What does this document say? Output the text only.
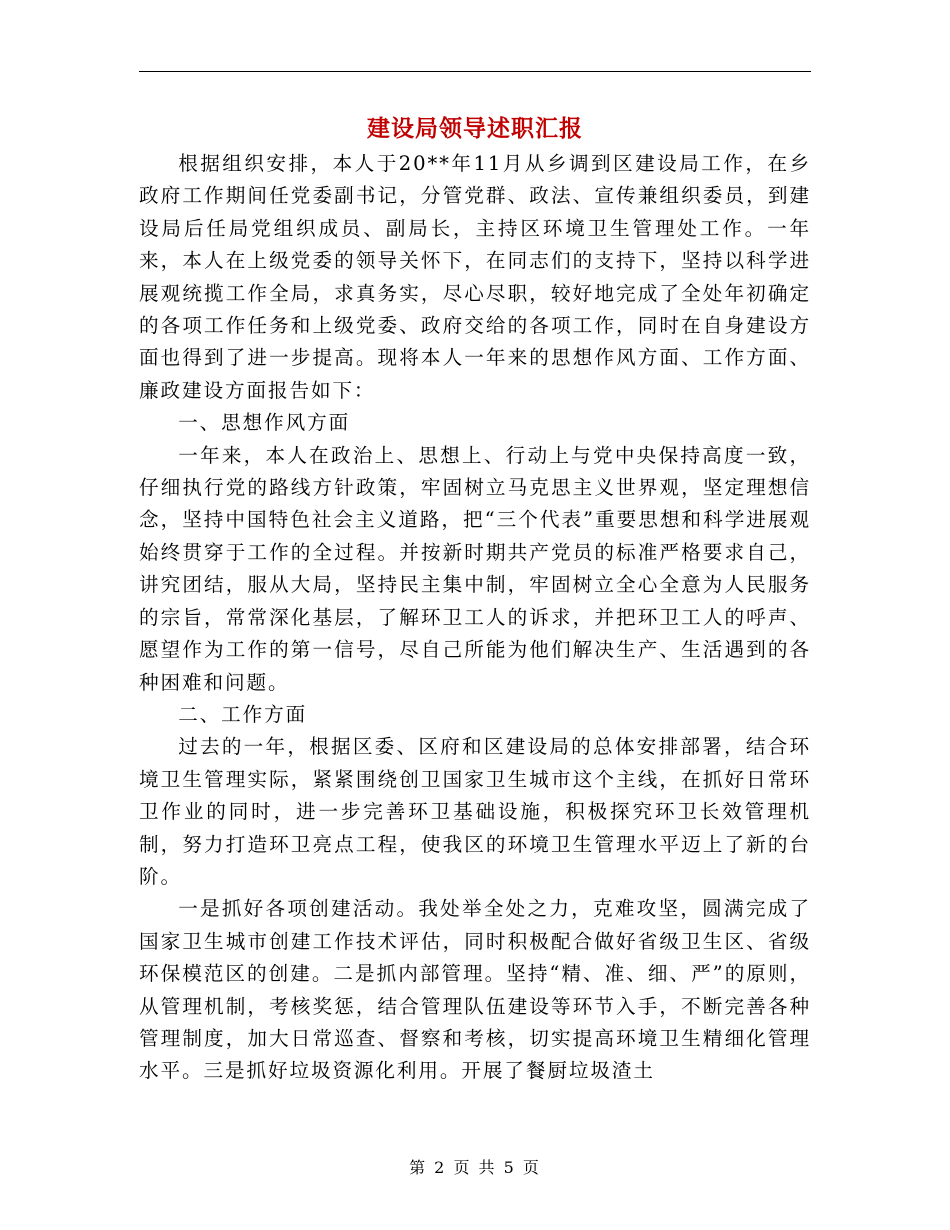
建设局领导述职汇报

根据组织安排，本人于20**年11月从乡调到区建设局工作，在乡政府工作期间任党委副书记，分管党群、政法、宣传兼组织委员，到建设局后任局党组织成员、副局长，主持区环境卫生管理处工作。一年来，本人在上级党委的领导关怀下，在同志们的支持下，坚持以科学进展观统揽工作全局，求真务实，尽心尽职，较好地完成了全处年初确定的各项工作任务和上级党委、政府交给的各项工作，同时在自身建设方面也得到了进一步提高。现将本人一年来的思想作风方面、工作方面、廉政建设方面报告如下：

一、思想作风方面

一年来，本人在政治上、思想上、行动上与党中央保持高度一致，仔细执行党的路线方针政策，牢固树立马克思主义世界观，坚定理想信念，坚持中国特色社会主义道路，把“三个代表”重要思想和科学进展观始终贯穿于工作的全过程。并按新时期共产党员的标准严格要求自己，讲究团结，服从大局，坚持民主集中制，牢固树立全心全意为人民服务的宗旨，常常深化基层，了解环卫工人的诉求，并把环卫工人的呼声、愿望作为工作的第一信号，尽自己所能为他们解决生产、生活遇到的各种困难和问题。

二、工作方面

过去的一年，根据区委、区府和区建设局的总体安排部署，结合环境卫生管理实际，紧紧围绕创卫国家卫生城市这个主线，在抓好日常环卫作业的同时，进一步完善环卫基础设施，积极探究环卫长效管理机制，努力打造环卫亮点工程，使我区的环境卫生管理水平迈上了新的台阶。

一是抓好各项创建活动。我处举全处之力，克难攻坚，圆满完成了国家卫生城市创建工作技术评估，同时积极配合做好省级卫生区、省级环保模范区的创建。二是抓内部管理。坚持“精、准、细、严”的原则，从管理机制，考核奖惩，结合管理队伍建设等环节入手，不断完善各种管理制度，加大日常巡查、督察和考核，切实提高环境卫生精细化管理水平。三是抓好垃圾资源化利用。开展了餐厨垃圾渣土

第 2 页 共 5 页
